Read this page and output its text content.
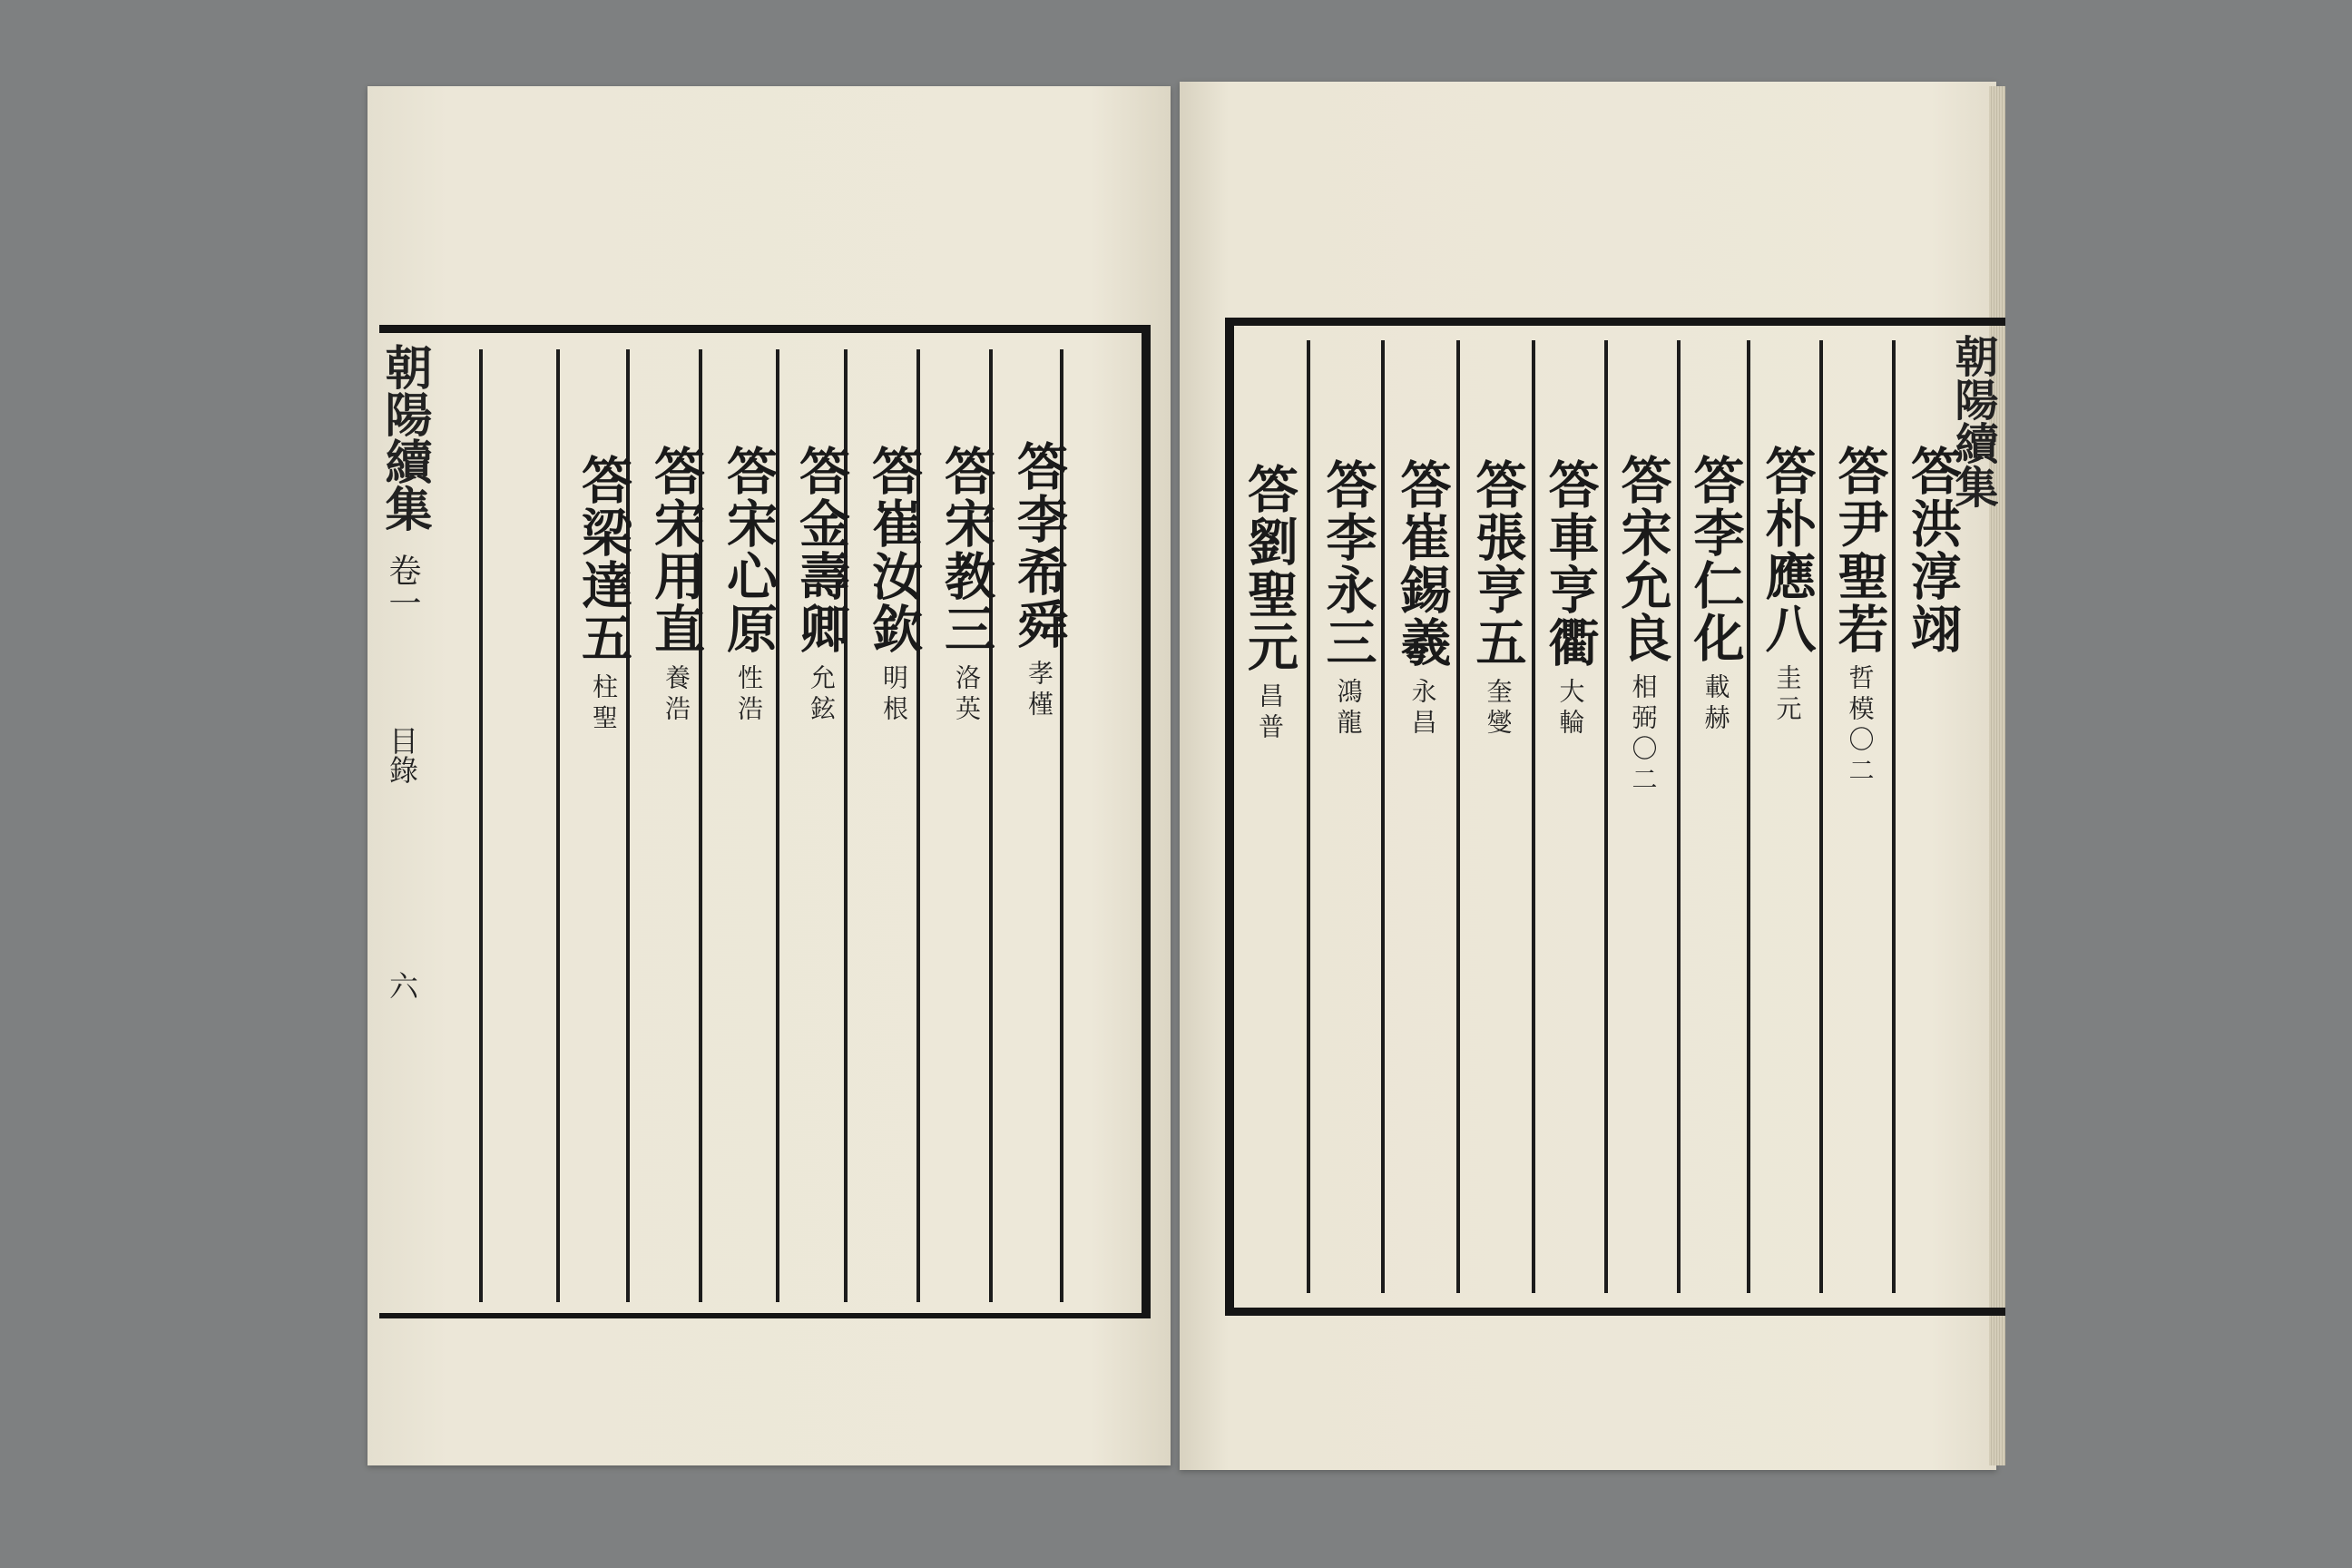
朝陽續集
卷一
目錄
六
答李希舜
孝槿
答宋教三
洛英
答崔汝欽
明根
答金壽卿
允鉉
答宋心原
性浩
答宋用直
養浩
答梁達五
柱聖
朝陽續集
答洪淳翊
答尹聖若
哲模〇二
答朴應八
圭元
答李仁化
載赫
答宋允良
相弼〇二
答車亨衢
大輪
答張亨五
奎燮
答崔錫羲
永昌
答李永三
鴻龍
答劉聖元
昌普
